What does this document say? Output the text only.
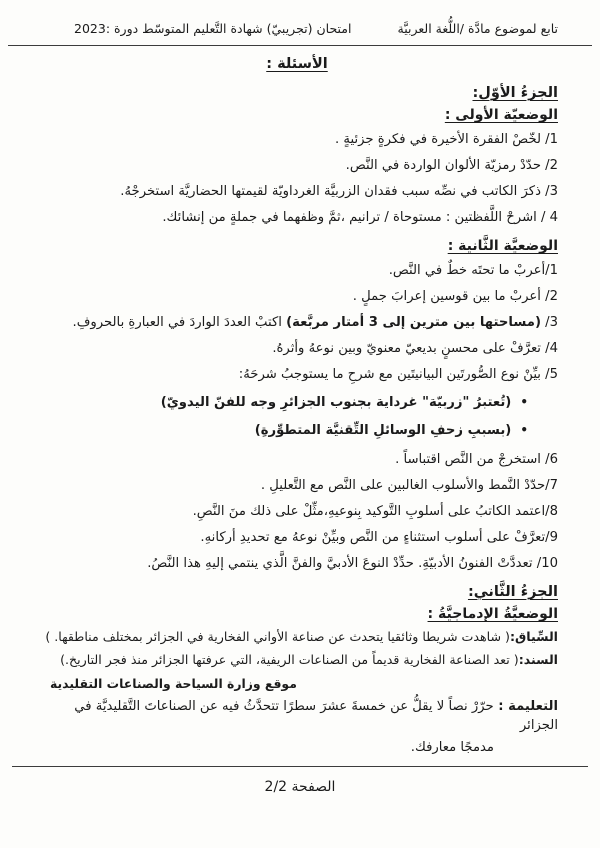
تابع لموضوع مادَّة /اللُّغة العربيَّة
امتحان (تجريبيّ) شهادة التَّعليم المتوسّط دورة :2023
الأسئلة :
الجزءُ الأوّل:
الوضعيّة الأولى :
1/ لخّصْ الفقرة الأخيرة في فكرةٍ جزئيةٍ .
2/ حدّدْ رمزيّة الألوان الواردة في النَّص.
3/ ذكرَ الكاتب في نصِّه سبب فقدان الزربيَّة الغرداويّة لقيمتها الحضاريَّة استخرجْهُ.
4 / اشرحْ اللَّفظتين : مستوحاة / ترانيم ،ثمَّ وظفهما في جملةٍ من إنشائك.
الوضعيَّة الثَّانية :
1/أعربْ ما تحتَه خطٌ في النَّص.
2/ أعربْ ما بين قوسين إعرابَ جملٍ .
3/ (مساحتها بين مترين إلى 3 أمتار مربَّعة) اكتبْ العددَ الواردَ في العبارةِ بالحروفِ.
4/ تعرَّفْ على محسنٍ بديعيّ معنويّ وبين نوعهُ وأثرهُ.
5/ بيِّنْ نوع الصُّورتَين البيانيتَين مع شرحِ ما يستوجبُ شرحَهُ:
•(تُعتبرُ "زربيّة" غرداية بجنوب الجزائرِ وجه للفنّ اليدويّ)
•(بسببِ زحفِ الوسائلِ التِّقنيَّة المتطوِّرةِ)
6/ استخرجْ من النَّص اقتباساً .
7/حدّدْ النَّمط والأسلوب الغالبين على النَّص مع التَّعليلِ .
8/اعتمد الكاتبُ على أسلوبِ التَّوكيد بِنوعيهِ،مثِّلْ على ذلك منَ النَّصِ.
9/تعرَّفْ على أسلوب استثناءٍ من النَّص وبيِّنْ نوعهُ مع تحديدِ أركانهِ.
10/ تعددَّتْ الفنونُ الأدبيّةِ. حدِّدْ النوعَ الأدبيَّ والفنَّ الَّذي ينتمي إليهِ هذا النَّصُ.
الجزءُ الثَّاني:
الوضعيَّةُ الإدماجيَّةُ :
السِّياق:( شاهدت شريطا وثائقيا يتحدث عن صناعة الأواني الفخارية في الجزائر بمختلف مناطقها. )
السند:( تعد الصناعة الفخارية قديماً من الصناعات الريفية، التي عرفتها الجزائر منذ فجر التاريخ.)
موقع وزارة السياحة والصناعات التقليدية
التعليمة : حرّرْ نصاً لا يقلُّ عن خمسةَ عشرَ سطرًا تتحدَّثُ فيه عن الصناعاتَ التَّقليديَّة في الجزائر
مدمجًا معارفك.
الصفحة 2/2
